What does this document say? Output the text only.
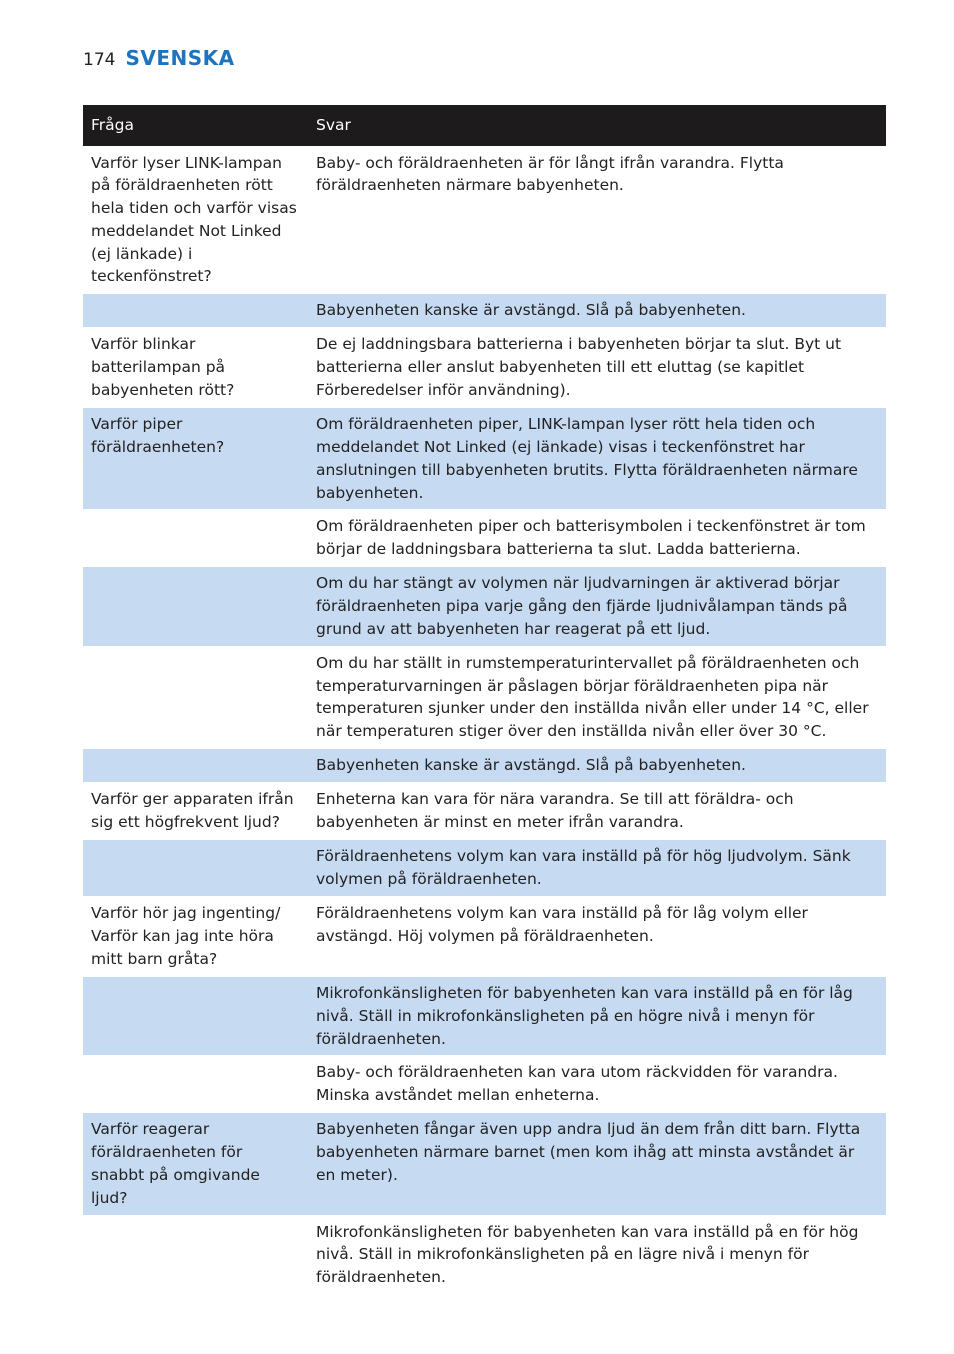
174 SVENSKA
Fråga	Svar
Varför lyser LINK-lampan på föräldraenheten rött hela tiden och varför visas meddelandet Not Linked (ej länkade) i teckenfönstret?	Baby- och föräldraenheten är för långt ifrån varandra. Flytta föräldraenheten närmare babyenheten.
	Babyenheten kanske är avstängd. Slå på babyenheten.
Varför blinkar batterilampan på babyenheten rött?	De ej laddningsbara batterierna i babyenheten börjar ta slut. Byt ut batterierna eller anslut babyenheten till ett eluttag (se kapitlet Förberedelser inför användning).
Varför piper föräldraenheten?	Om föräldraenheten piper, LINK-lampan lyser rött hela tiden och meddelandet Not Linked (ej länkade) visas i teckenfönstret har anslutningen till babyenheten brutits. Flytta föräldraenheten närmare babyenheten.
	Om föräldraenheten piper och batterisymbolen i teckenfönstret är tom börjar de laddningsbara batterierna ta slut. Ladda batterierna.
	Om du har stängt av volymen när ljudvarningen är aktiverad börjar föräldraenheten pipa varje gång den fjärde ljudnivålampan tänds på grund av att babyenheten har reagerat på ett ljud.
	Om du har ställt in rumstemperaturintervallet på föräldraenheten och temperaturvarningen är påslagen börjar föräldraenheten pipa när temperaturen sjunker under den inställda nivån eller under 14 °C, eller när temperaturen stiger över den inställda nivån eller över 30 °C.
	Babyenheten kanske är avstängd. Slå på babyenheten.
Varför ger apparaten ifrån sig ett högfrekvent ljud?	Enheterna kan vara för nära varandra. Se till att föräldra- och babyenheten är minst en meter ifrån varandra.
	Föräldraenhetens volym kan vara inställd på för hög ljudvolym. Sänk volymen på föräldraenheten.
Varför hör jag ingenting/ Varför kan jag inte höra mitt barn gråta?	Föräldraenhetens volym kan vara inställd på för låg volym eller avstängd. Höj volymen på föräldraenheten.
	Mikrofonkänsligheten för babyenheten kan vara inställd på en för låg nivå. Ställ in mikrofonkänsligheten på en högre nivå i menyn för föräldraenheten.
	Baby- och föräldraenheten kan vara utom räckvidden för varandra. Minska avståndet mellan enheterna.
Varför reagerar föräldraenheten för snabbt på omgivande ljud?	Babyenheten fångar även upp andra ljud än dem från ditt barn. Flytta babyenheten närmare barnet (men kom ihåg att minsta avståndet är en meter).
	Mikrofonkänsligheten för babyenheten kan vara inställd på en för hög nivå. Ställ in mikrofonkänsligheten på en lägre nivå i menyn för föräldraenheten.
